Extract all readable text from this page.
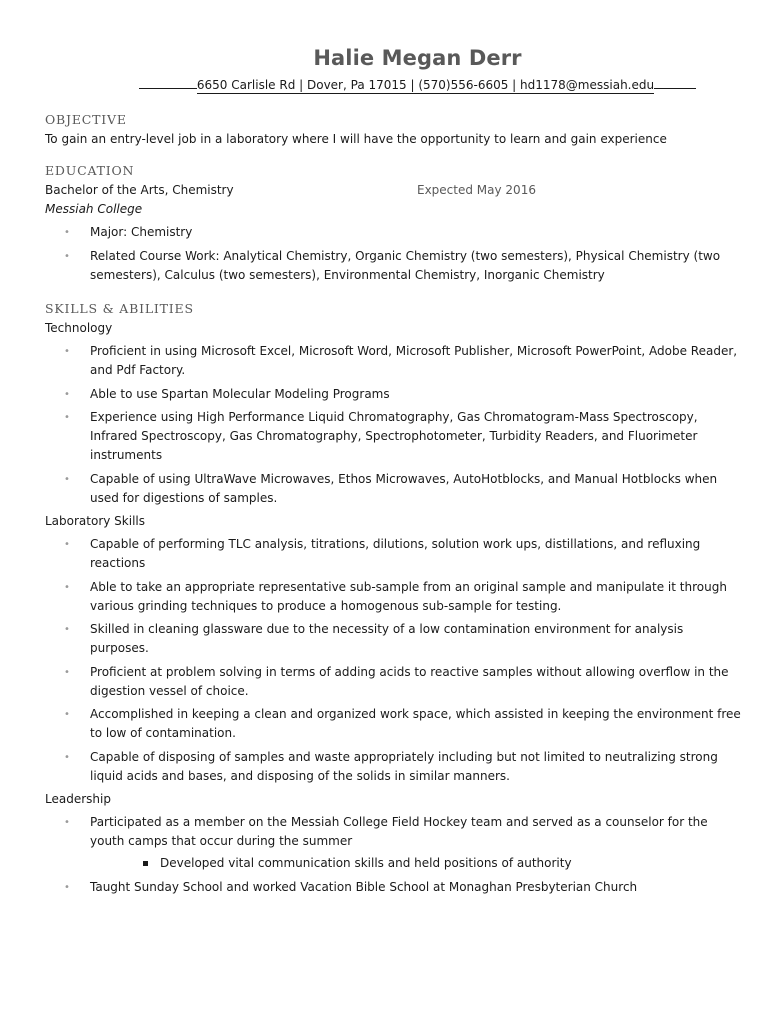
Halie Megan Derr
6650 Carlisle Rd | Dover, Pa 17015 | (570)556-6605 | hd1178@messiah.edu
OBJECTIVE

To gain an entry-level job in a laboratory where I will have the opportunity to learn and gain experience

EDUCATION
Bachelor of the Arts, Chemistry	Expected May 2016
Messiah College
• Major: Chemistry
• Related Course Work: Analytical Chemistry, Organic Chemistry (two semesters), Physical Chemistry (two semesters), Calculus (two semesters), Environmental Chemistry, Inorganic Chemistry
SKILLS & ABILITIES
Technology
• Proficient in using Microsoft Excel, Microsoft Word, Microsoft Publisher, Microsoft PowerPoint, Adobe Reader, and Pdf Factory.
• Able to use Spartan Molecular Modeling Programs
• Experience using High Performance Liquid Chromatography, Gas Chromatogram-Mass Spectroscopy, Infrared Spectroscopy, Gas Chromatography, Spectrophotometer, Turbidity Readers, and Fluorimeter instruments
• Capable of using UltraWave Microwaves, Ethos Microwaves, AutoHotblocks, and Manual Hotblocks when used for digestions of samples.
Laboratory Skills
• Capable of performing TLC analysis, titrations, dilutions, solution work ups, distillations, and refluxing reactions
• Able to take an appropriate representative sub-sample from an original sample and manipulate it through various grinding techniques to produce a homogenous sub-sample for testing.
• Skilled in cleaning glassware due to the necessity of a low contamination environment for analysis purposes.
• Proficient at problem solving in terms of adding acids to reactive samples without allowing overflow in the digestion vessel of choice.
• Accomplished in keeping a clean and organized work space, which assisted in keeping the environment free to low of contamination.
• Capable of disposing of samples and waste appropriately including but not limited to neutralizing strong liquid acids and bases, and disposing of the solids in similar manners.
Leadership
• Participated as a member on the Messiah College Field Hockey team and served as a counselor for the youth camps that occur during the summer
Developed vital communication skills and held positions of authority
• Taught Sunday School and worked Vacation Bible School at Monaghan Presbyterian Church
